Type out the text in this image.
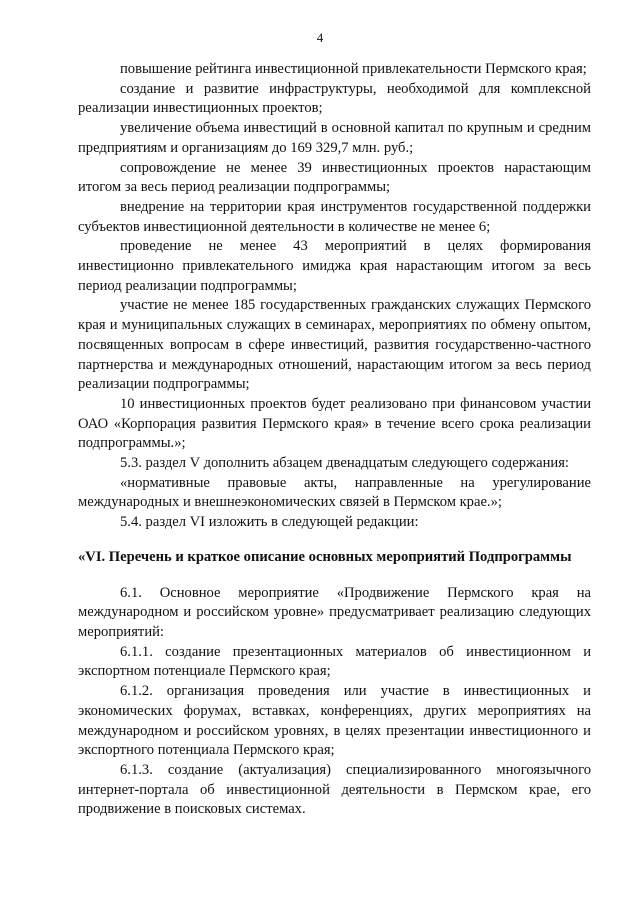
4

повышение рейтинга инвестиционной привлекательности Пермского края;

создание и развитие инфраструктуры, необходимой для комплексной реализации инвестиционных проектов;

увеличение объема инвестиций в основной капитал по крупным и средним предприятиям и организациям до 169 329,7 млн. руб.;

сопровождение не менее 39 инвестиционных проектов нарастающим итогом за весь период реализации подпрограммы;

внедрение на территории края инструментов государственной поддержки субъектов инвестиционной деятельности в количестве не менее 6;

проведение не менее 43 мероприятий в целях формирования инвестиционно привлекательного имиджа края нарастающим итогом за весь период реализации подпрограммы;

участие не менее 185 государственных гражданских служащих Пермского края и муниципальных служащих в семинарах, мероприятиях по обмену опытом, посвященных вопросам в сфере инвестиций, развития государственно-частного партнерства и международных отношений, нарастающим итогом за весь период реализации подпрограммы;

10 инвестиционных проектов будет реализовано при финансовом участии ОАО «Корпорация развития Пермского края» в течение всего срока реализации подпрограммы.»;

5.3. раздел V дополнить абзацем двенадцатым следующего содержания:

«нормативные правовые акты, направленные на урегулирование международных и внешнеэкономических связей в Пермском крае.»;

5.4. раздел VI изложить в следующей редакции:

«VI. Перечень и краткое описание основных мероприятий Подпрограммы

6.1. Основное мероприятие «Продвижение Пермского края на международном и российском уровне» предусматривает реализацию следующих мероприятий:

6.1.1. создание презентационных материалов об инвестиционном и экспортном потенциале Пермского края;

6.1.2. организация проведения или участие в инвестиционных и экономических форумах, вставках, конференциях, других мероприятиях на международном и российском уровнях, в целях презентации инвестиционного и экспортного потенциала Пермского края;

6.1.3. создание (актуализация) специализированного многоязычного интернет-портала об инвестиционной деятельности в Пермском крае, его продвижение в поисковых системах.
